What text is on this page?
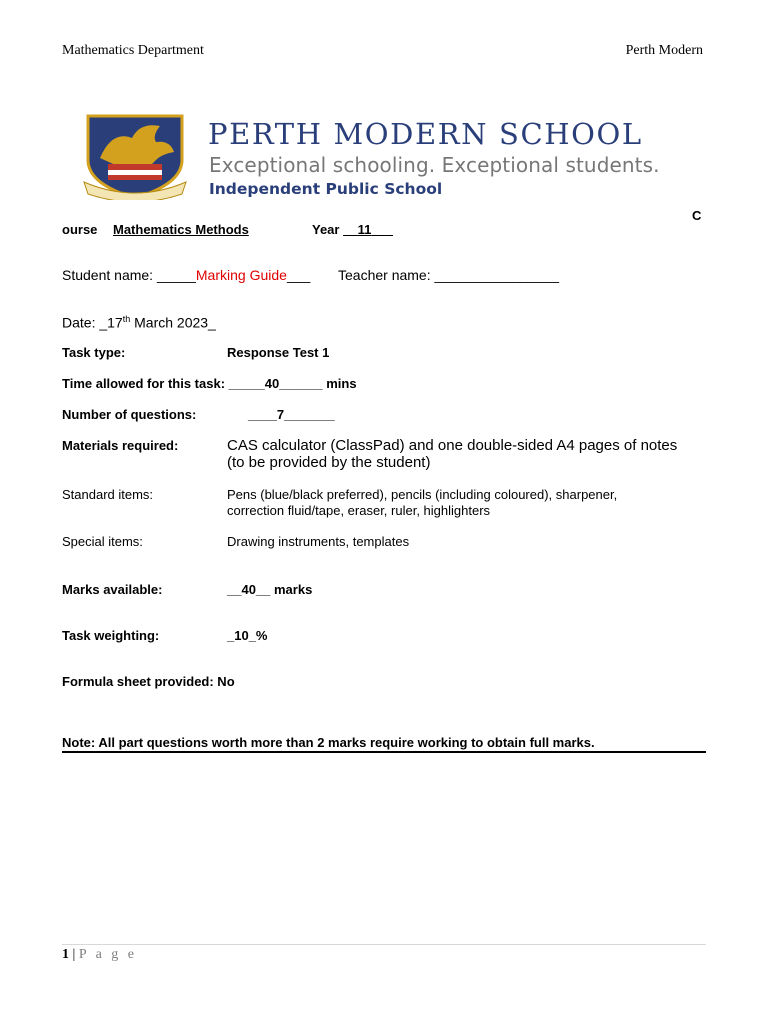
Mathematics Department	Perth Modern
PERTH MODERN SCHOOL
Exceptional schooling. Exceptional students.
Independent Public School
C
ourse Mathematics Methods	Year __11__
Student name: _____Marking Guide___ Teacher name: ________________
Date: _17th March 2023_
Task type:	Response Test 1
Time allowed for this task: _____40______ mins
Number of questions:	____7_______
Materials required:	CAS calculator (ClassPad) and one double-sided A4 pages of notes
(to be provided by the student)
Standard items:	Pens (blue/black preferred), pencils (including coloured), sharpener,
correction fluid/tape, eraser, ruler, highlighters
Special items:	Drawing instruments, templates
Marks available:	__40__ marks
Task weighting:	_10_%
Formula sheet provided: No
Note: All part questions worth more than 2 marks require working to obtain full marks.
1 | P a g e
